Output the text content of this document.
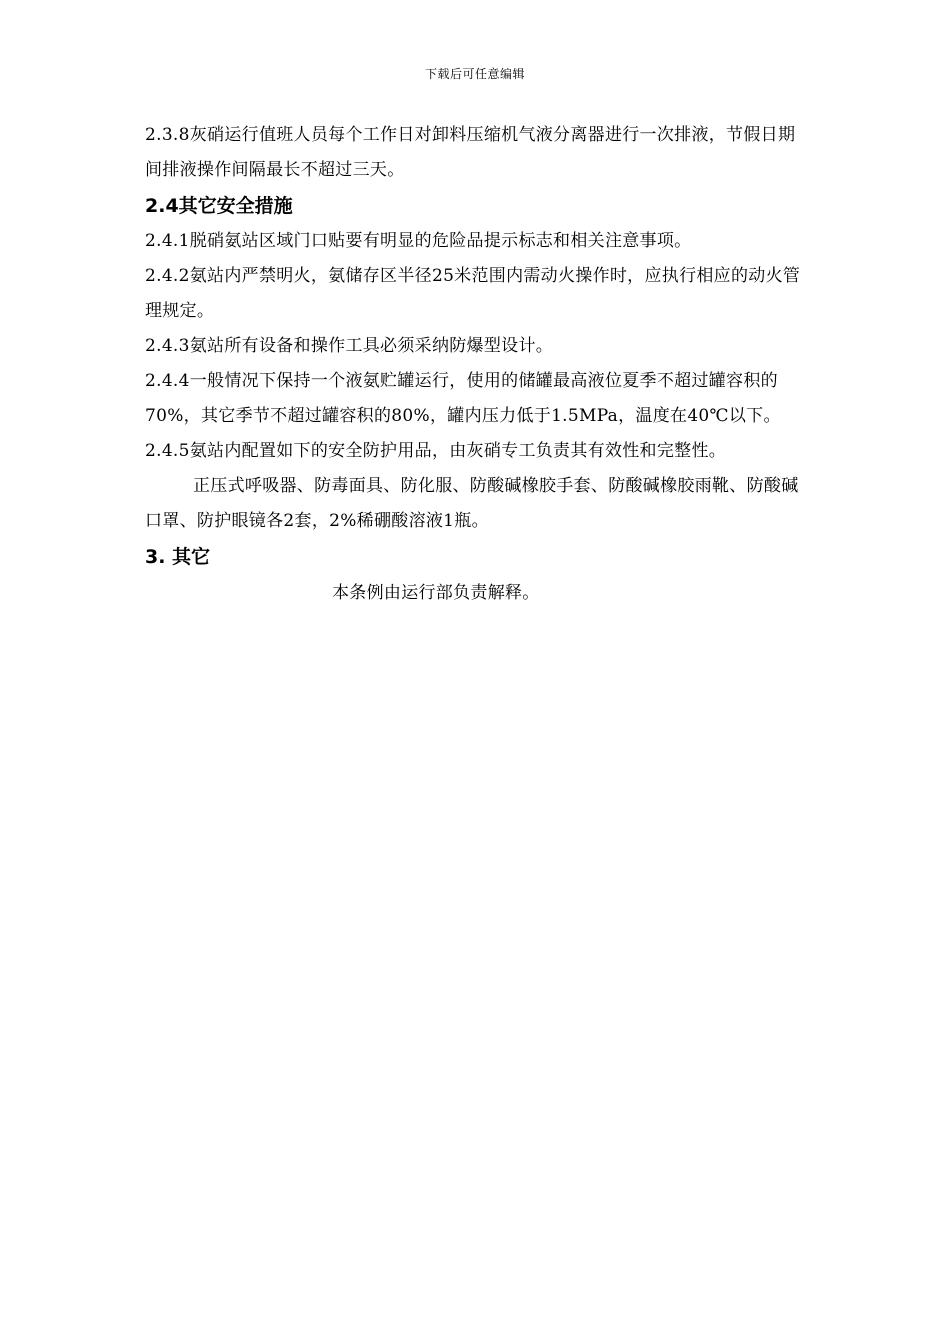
下载后可任意编辑

2.3.8灰硝运行值班人员每个工作日对卸料压缩机气液分离器进行一次排液，节假日期间排液操作间隔最长不超过三天。

2.4其它安全措施

2.4.1脱硝氨站区域门口贴要有明显的危险品提示标志和相关注意事项。

2.4.2氨站内严禁明火，氨储存区半径25米范围内需动火操作时，应执行相应的动火管理规定。

2.4.3氨站所有设备和操作工具必须采纳防爆型设计。

2.4.4一般情况下保持一个液氨贮罐运行，使用的储罐最高液位夏季不超过罐容积的70%，其它季节不超过罐容积的80%，罐内压力低于1.5MPa，温度在40℃以下。

2.4.5氨站内配置如下的安全防护用品，由灰硝专工负责其有效性和完整性。

正压式呼吸器、防毒面具、防化服、防酸碱橡胶手套、防酸碱橡胶雨靴、防酸碱口罩、防护眼镜各2套，2%稀硼酸溶液1瓶。

3. 其它

本条例由运行部负责解释。
